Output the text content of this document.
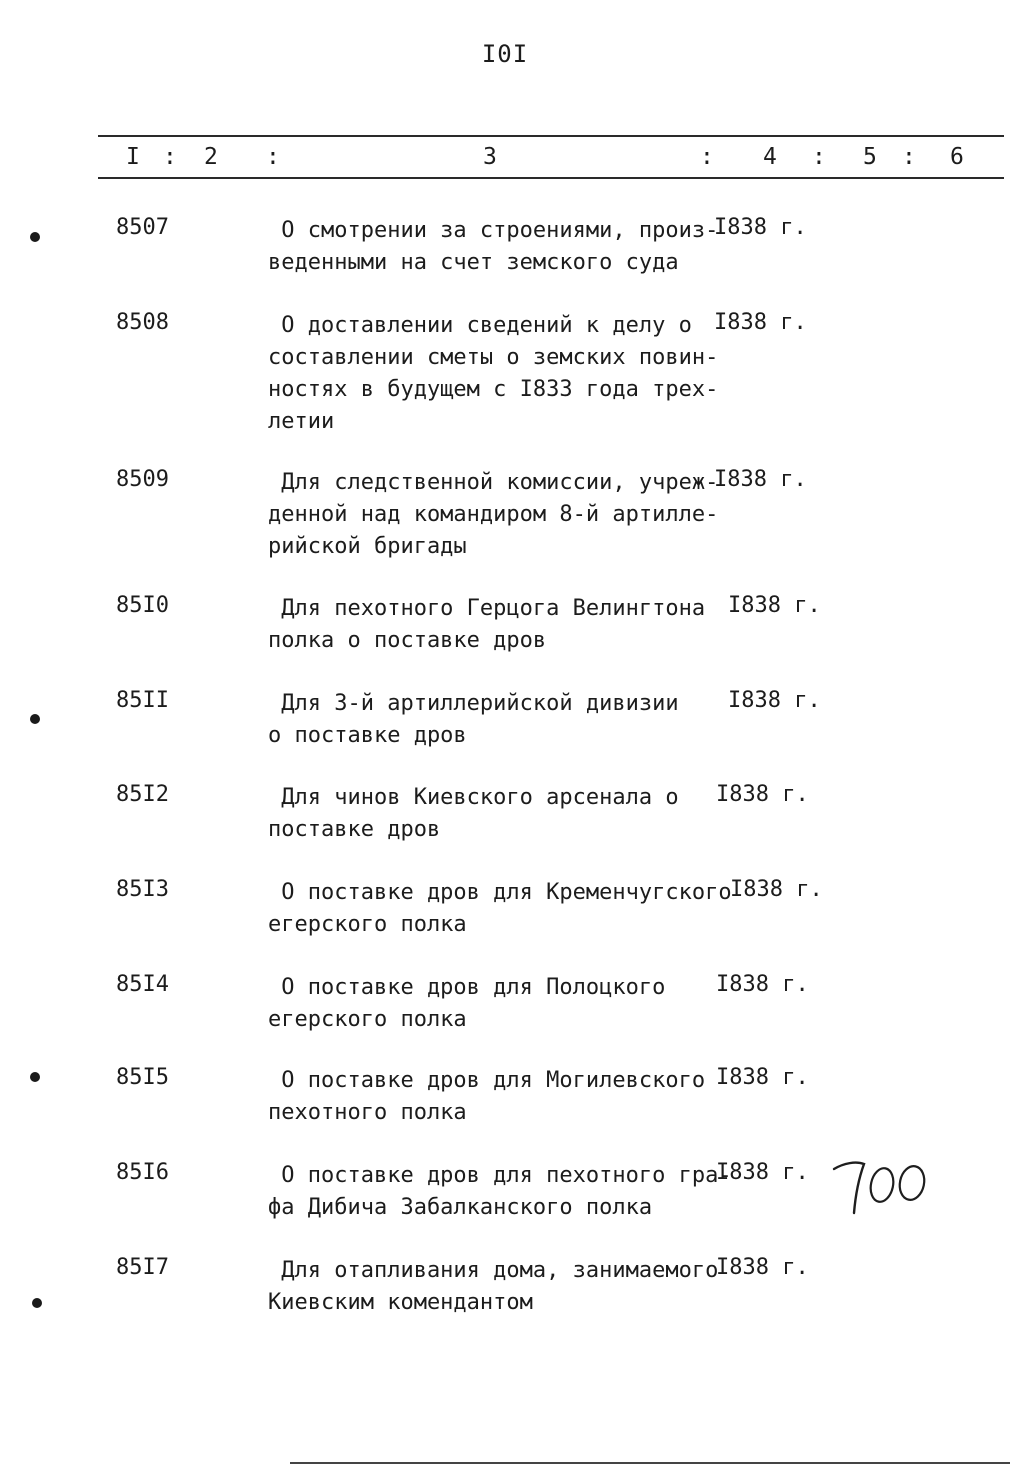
I0I
I : 2 :	3	: 4 : 5 : 6
8507	О смотрении за строениями, произ-
веденными на счет земского суда
I838 г.
8508	О доставлении сведений к делу о
составлении сметы о земских повин-
ностях в будущем с I833 года трех-
летии
I838 г.
8509	Для следственной комиссии, учреж-
денной над командиром 8-й артилле-
рийской бригады
I838 г.
85I0	Для пехотного Герцога Велингтона
полка о поставке дров
I838 г.
85II	Для 3-й артиллерийской дивизии
о поставке дров
I838 г.
85I2	Для чинов Киевского арсенала о
поставке дров
I838 г.
85I3	О поставке дров для Кременчугского
егерского полка
I838 г.
85I4	О поставке дров для Полоцкого
егерского полка
I838 г.
85I5	О поставке дров для Могилевского
пехотного полка
I838 г.
85I6	О поставке дров для пехотного гра-
фа Дибича Забалканского полка
I838 г.
85I7	Для отапливания дома, занимаемого
Киевским комендантом
I838 г.
